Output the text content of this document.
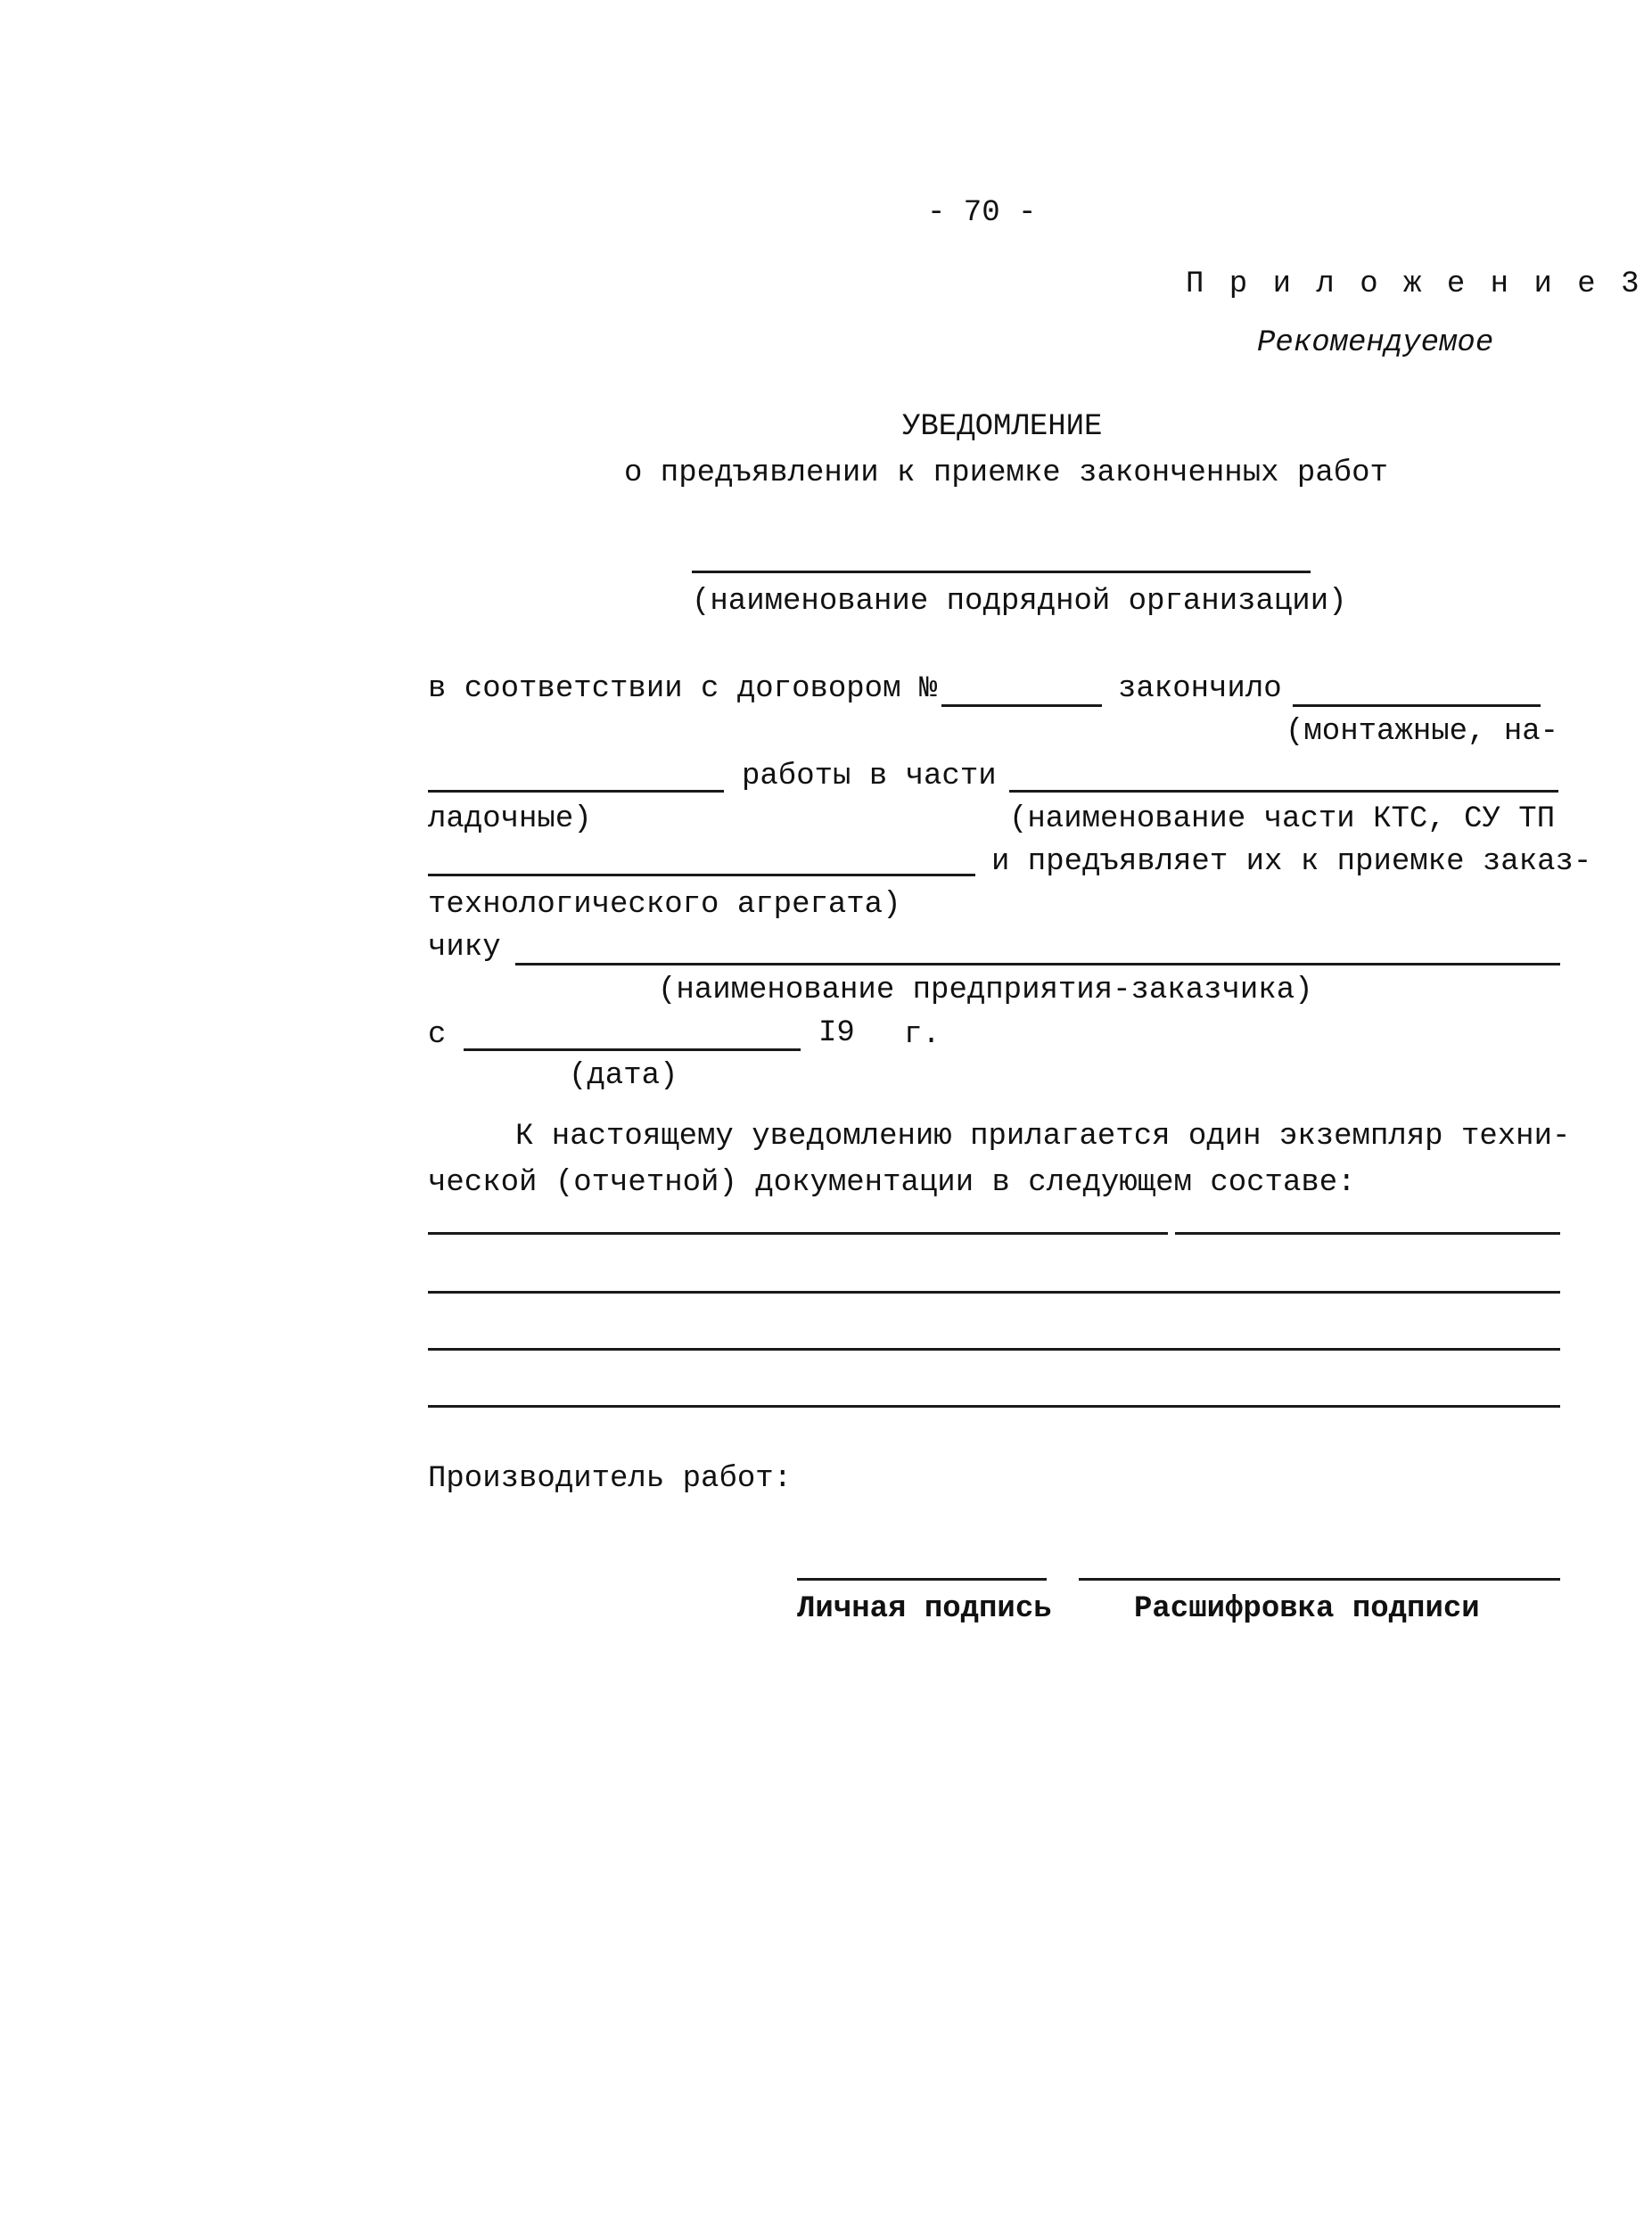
- 70 -
П р и л о ж е н и е 3
Рекомендуемое
УВЕДОМЛЕНИЕ
о предъявлении к приемке законченных работ
(наименование подрядной организации)
в соответствии с договором №	закончило
(монтажные, на-
работы в части
ладочные)	(наименование части КТС, СУ ТП
и предъявляет их к приемке заказ-
технологического агрегата)
чику
(наименование предприятия-заказчика)
с	I9 г.
(дата)
К настоящему уведомлению прилагается один экземпляр техни-
ческой (отчетной) документации в следующем составе:
Производитель работ:
Личная подпись	Расшифровка подписи
